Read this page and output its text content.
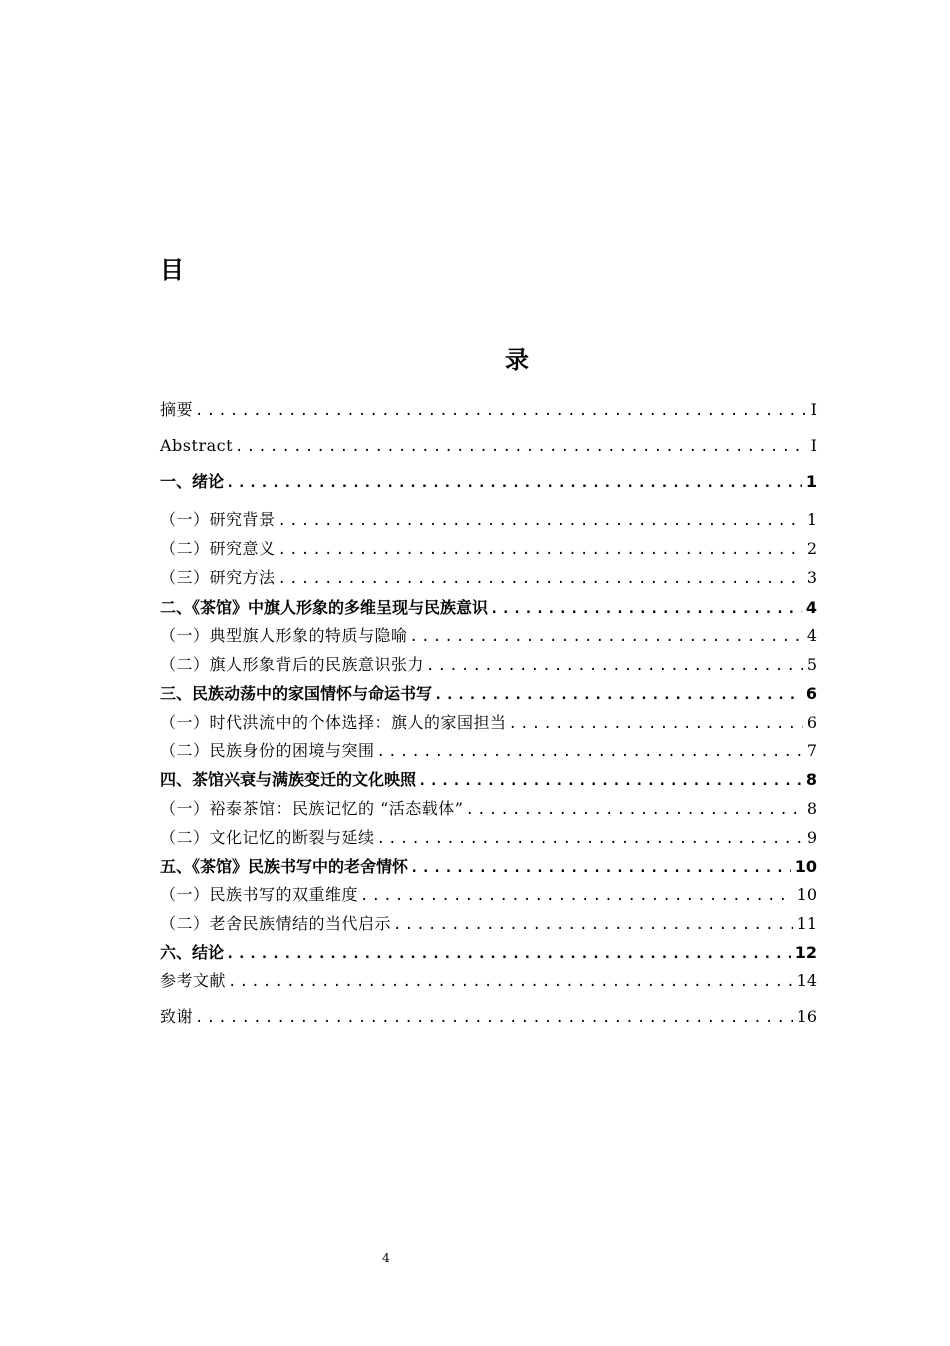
目
录
摘要 .....	I
Abstract .....	I
一、绪论 .....	1
（一）研究背景 .....	1
（二）研究意义 .....	2
（三）研究方法 .....	3
二、《茶馆》中旗人形象的多维呈现与民族意识 .....	4
（一）典型旗人形象的特质与隐喻 .....	4
（二）旗人形象背后的民族意识张力 .....	5
三、民族动荡中的家国情怀与命运书写 .....	6
（一）时代洪流中的个体选择：旗人的家国担当 .....	6
（二）民族身份的困境与突围 .....	7
四、茶馆兴衰与满族变迁的文化映照 .....	8
（一）裕泰茶馆：民族记忆的 “活态载体” .....	8
（二）文化记忆的断裂与延续 .....	9
五、《茶馆》民族书写中的老舍情怀 .....	10
（一）民族书写的双重维度 .....	10
（二）老舍民族情结的当代启示 .....	11
六、结论 .....	12
参考文献 .....	14
致谢 .....	16
4
